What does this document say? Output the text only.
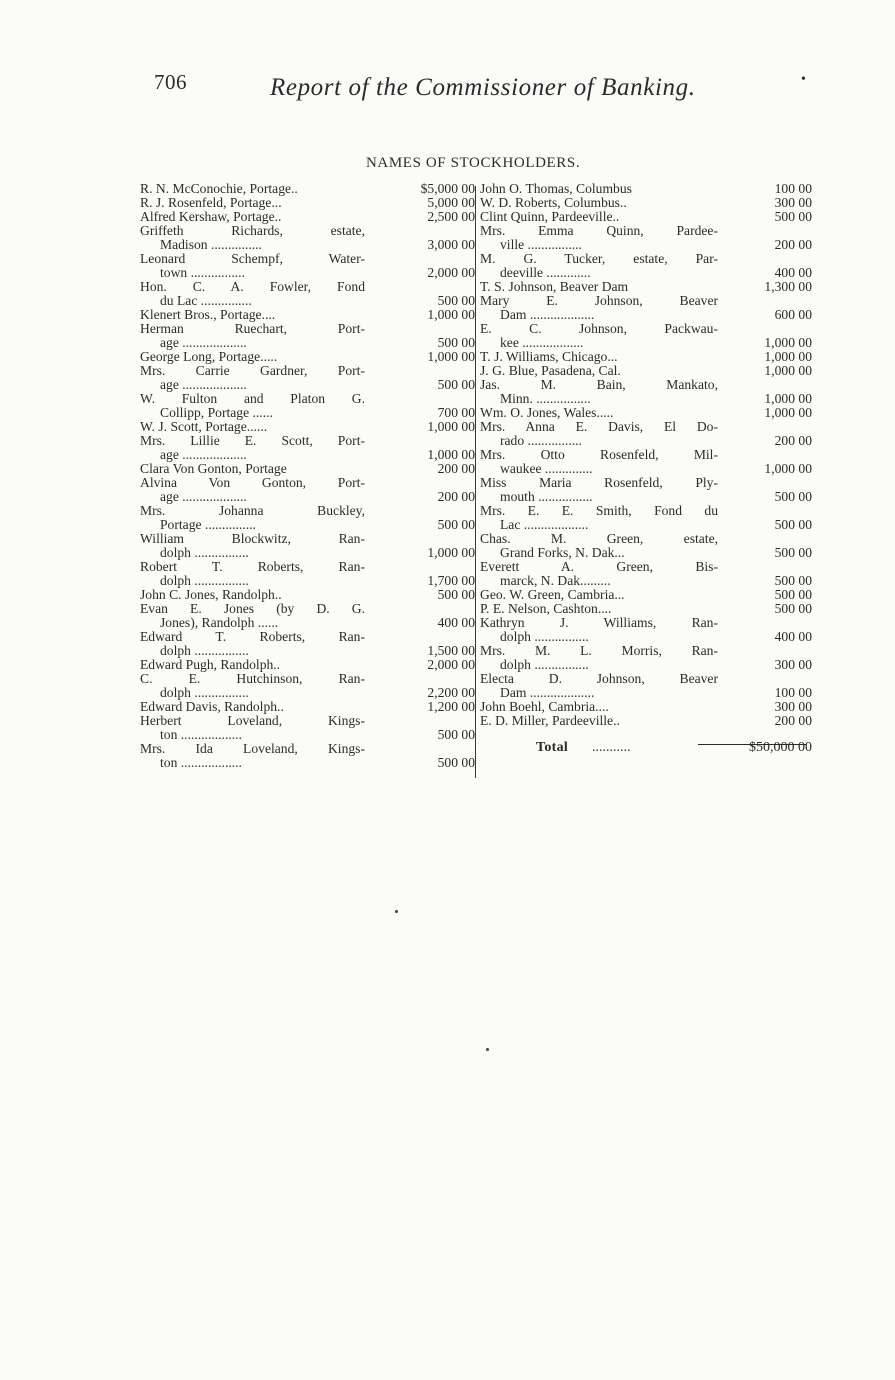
706	Report of the Commissioner of Banking.	•
NAMES OF STOCKHOLDERS.
R. N. McConochie, Portage..	$5,000 00
R. J. Rosenfeld, Portage...	5,000 00
Alfred Kershaw, Portage..	2,500 00
Griffeth Richards, estate,
Madison ...............	3,000 00
Leonard Schempf, Water-
town ................	2,000 00
Hon. C. A. Fowler, Fond
du Lac ...............	500 00
Klenert Bros., Portage....	1,000 00
Herman Ruechart, Port-
age ...................	500 00
George Long, Portage.....	1,000 00
Mrs. Carrie Gardner, Port-
age ...................	500 00
W. Fulton and Platon G.
Collipp, Portage ......	700 00
W. J. Scott, Portage......	1,000 00
Mrs. Lillie E. Scott, Port-
age ...................	1,000 00
Clara Von Gonton, Portage	200 00
Alvina Von Gonton, Port-
age ...................	200 00
Mrs. Johanna Buckley,
Portage ...............	500 00
William Blockwitz, Ran-
dolph ................	1,000 00
Robert T. Roberts, Ran-
dolph ................	1,700 00
John C. Jones, Randolph..	500 00
Evan E. Jones (by D. G.
Jones), Randolph ......	400 00
Edward T. Roberts, Ran-
dolph ................	1,500 00
Edward Pugh, Randolph..	2,000 00
C. E. Hutchinson, Ran-
dolph ................	2,200 00
Edward Davis, Randolph..	1,200 00
Herbert Loveland, Kings-
ton ..................	500 00
Mrs. Ida Loveland, Kings-
ton ..................	500 00
John O. Thomas, Columbus	100 00
W. D. Roberts, Columbus..	300 00
Clint Quinn, Pardeeville..	500 00
Mrs. Emma Quinn, Pardee-
ville ................	200 00
M. G. Tucker, estate, Par-
deeville .............	400 00
T. S. Johnson, Beaver Dam	1,300 00
Mary E. Johnson, Beaver
Dam ...................	600 00
E. C. Johnson, Packwau-
kee ..................	1,000 00
T. J. Williams, Chicago...	1,000 00
J. G. Blue, Pasadena, Cal.	1,000 00
Jas. M. Bain, Mankato,
Minn. ................	1,000 00
Wm. O. Jones, Wales.....	1,000 00
Mrs. Anna E. Davis, El Do-
rado ................	200 00
Mrs. Otto Rosenfeld, Mil-
waukee ..............	1,000 00
Miss Maria Rosenfeld, Ply-
mouth ................	500 00
Mrs. E. E. Smith, Fond du
Lac ...................	500 00
Chas. M. Green, estate,
Grand Forks, N. Dak...	500 00
Everett A. Green, Bis-
marck, N. Dak.........	500 00
Geo. W. Green, Cambria...	500 00
P. E. Nelson, Cashton....	500 00
Kathryn J. Williams, Ran-
dolph ................	400 00
Mrs. M. L. Morris, Ran-
dolph ................	300 00
Electa D. Johnson, Beaver
Dam ...................	100 00
John Boehl, Cambria....	300 00
E. D. Miller, Pardeeville..	200 00
Total ...........	$50,000 00
